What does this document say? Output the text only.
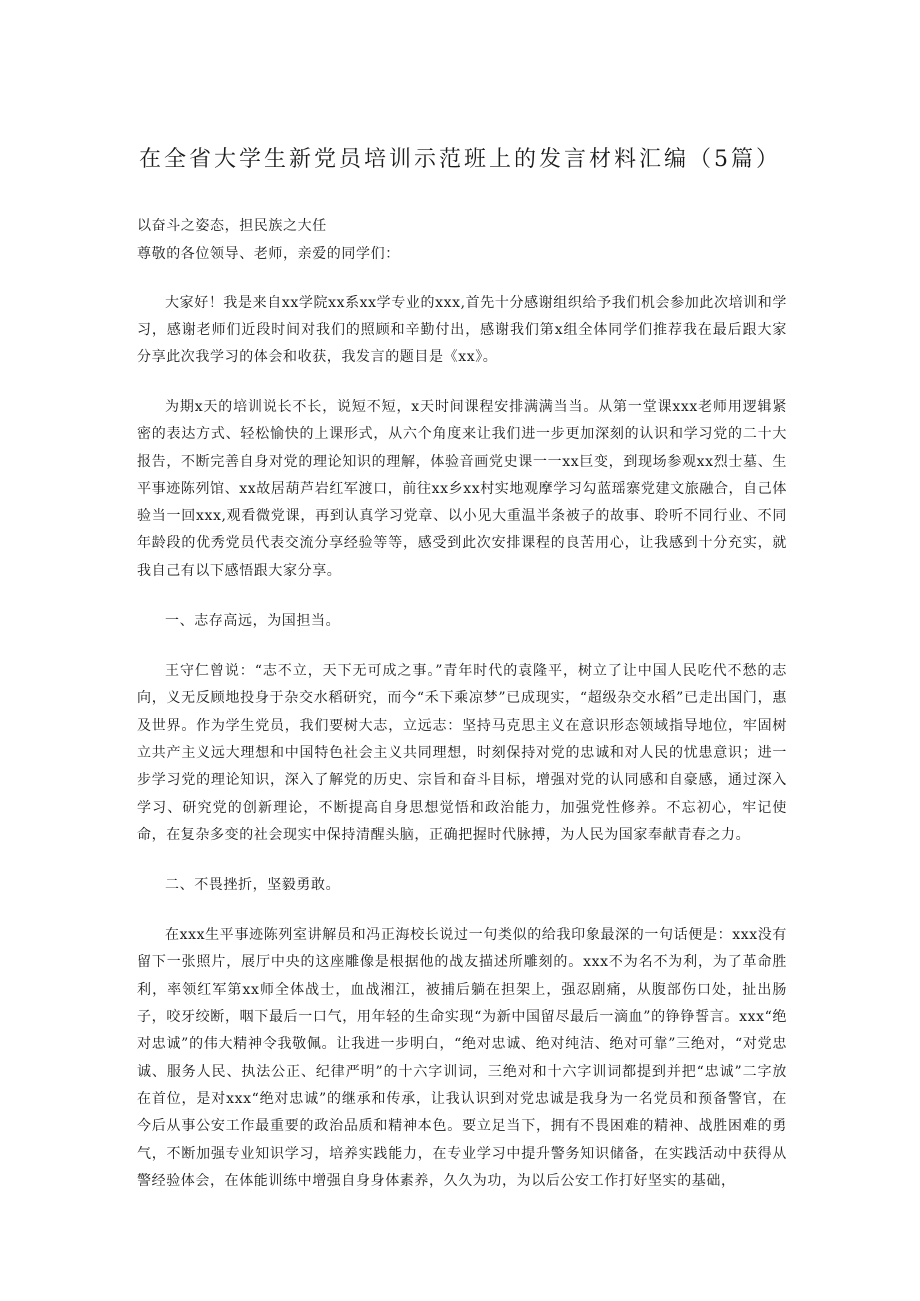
在全省大学生新党员培训示范班上的发言材料汇编（5篇）

以奋斗之姿态，担民族之大任

尊敬的各位领导、老师，亲爱的同学们：

大家好！我是来自xx学院xx系xx学专业的xxx,首先十分感谢组织给予我们机会参加此次培训和学习，感谢老师们近段时间对我们的照顾和辛勤付出，感谢我们第x组全体同学们推荐我在最后跟大家分享此次我学习的体会和收获，我发言的题目是《xx》。

为期x天的培训说长不长，说短不短，x天时间课程安排满满当当。从第一堂课xxx老师用逻辑紧密的表达方式、轻松愉快的上课形式，从六个角度来让我们进一步更加深刻的认识和学习党的二十大报告，不断完善自身对党的理论知识的理解，体验音画党史课一一xx巨变，到现场参观xx烈士墓、生平事迹陈列馆、xx故居葫芦岩红军渡口，前往xx乡xx村实地观摩学习勾蓝瑶寨党建文旅融合，自己体验当一回xxx,观看微党课，再到认真学习党章、以小见大重温半条被子的故事、聆听不同行业、不同年龄段的优秀党员代表交流分享经验等等，感受到此次安排课程的良苦用心，让我感到十分充实，就我自己有以下感悟跟大家分享。

一、志存高远，为国担当。

王守仁曾说：“志不立，天下无可成之事。”青年时代的袁隆平，树立了让中国人民吃代不愁的志向，义无反顾地投身于杂交水稻研究，而今“禾下乘凉梦”已成现实，“超级杂交水稻”已走出国门，惠及世界。作为学生党员，我们要树大志，立远志：坚持马克思主义在意识形态领域指导地位，牢固树立共产主义远大理想和中国特色社会主义共同理想，时刻保持对党的忠诚和对人民的忧患意识；进一步学习党的理论知识，深入了解党的历史、宗旨和奋斗目标，增强对党的认同感和自豪感，通过深入学习、研究党的创新理论，不断提高自身思想觉悟和政治能力，加强党性修养。不忘初心，牢记使命，在复杂多变的社会现实中保持清醒头脑，正确把握时代脉搏，为人民为国家奉献青春之力。

二、不畏挫折，坚毅勇敢。

在xxx生平事迹陈列室讲解员和冯正海校长说过一句类似的给我印象最深的一句话便是：xxx没有留下一张照片，展厅中央的这座雕像是根据他的战友描述所雕刻的。xxx不为名不为利，为了革命胜利，率领红军第xx师全体战士，血战湘江，被捕后躺在担架上，强忍剧痛，从腹部伤口处，扯出肠子，咬牙绞断，咽下最后一口气，用年轻的生命实现“为新中国留尽最后一滴血”的铮铮誓言。xxx“绝对忠诚”的伟大精神令我敬佩。让我进一步明白，“绝对忠诚、绝对纯洁、绝对可靠”三绝对，“对党忠诚、服务人民、执法公正、纪律严明”的十六字训词，三绝对和十六字训词都提到并把“忠诚”二字放在首位，是对xxx“绝对忠诚”的继承和传承，让我认识到对党忠诚是我身为一名党员和预备警官，在今后从事公安工作最重要的政治品质和精神本色。要立足当下，拥有不畏困难的精神、战胜困难的勇气，不断加强专业知识学习，培养实践能力，在专业学习中提升警务知识储备，在实践活动中获得从警经验体会，在体能训练中增强自身身体素养，久久为功，为以后公安工作打好坚实的基础，
